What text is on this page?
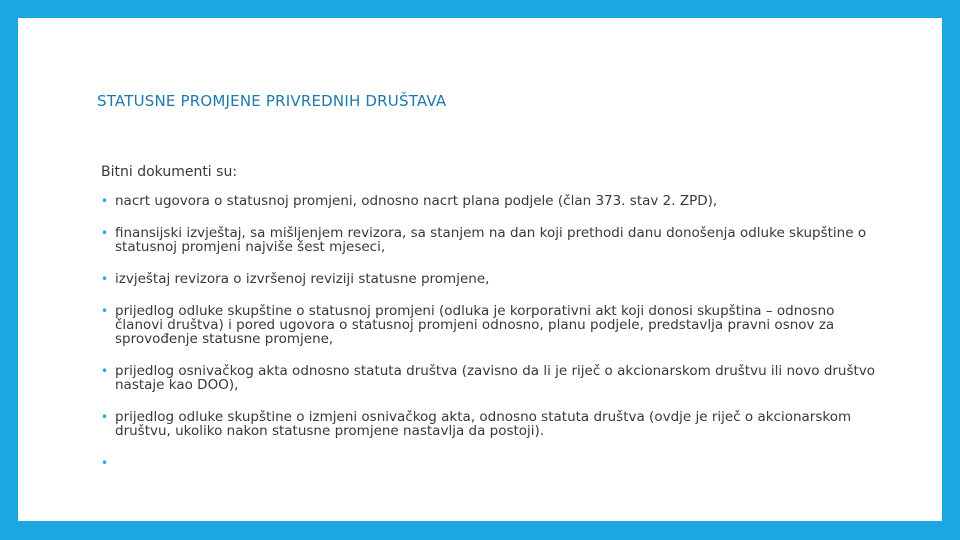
STATUSNE PROMJENE PRIVREDNIH DRUŠTAVA
Bitni dokumenti su:
• nacrt ugovora o statusnoj promjeni, odnosno nacrt plana podjele (član 373. stav 2. ZPD),
• finansijski izvještaj, sa mišljenjem revizora, sa stanjem na dan koji prethodi danu donošenja odluke skupštine o statusnoj promjeni najviše šest mjeseci,
• izvještaj revizora o izvršenoj reviziji statusne promjene,
• prijedlog odluke skupštine o statusnoj promjeni (odluka je korporativni akt koji donosi skupština – odnosno članovi društva) i pored ugovora o statusnoj promjeni odnosno, planu podjele, predstavlja pravni osnov za sprovođenje statusne promjene,
• prijedlog osnivačkog akta odnosno statuta društva (zavisno da li je riječ o akcionarskom društvu ili novo društvo nastaje kao DOO),
• prijedlog odluke skupštine o izmjeni osnivačkog akta, odnosno statuta društva (ovdje je riječ o akcionarskom društvu, ukoliko nakon statusne promjene nastavlja da postoji).
•
